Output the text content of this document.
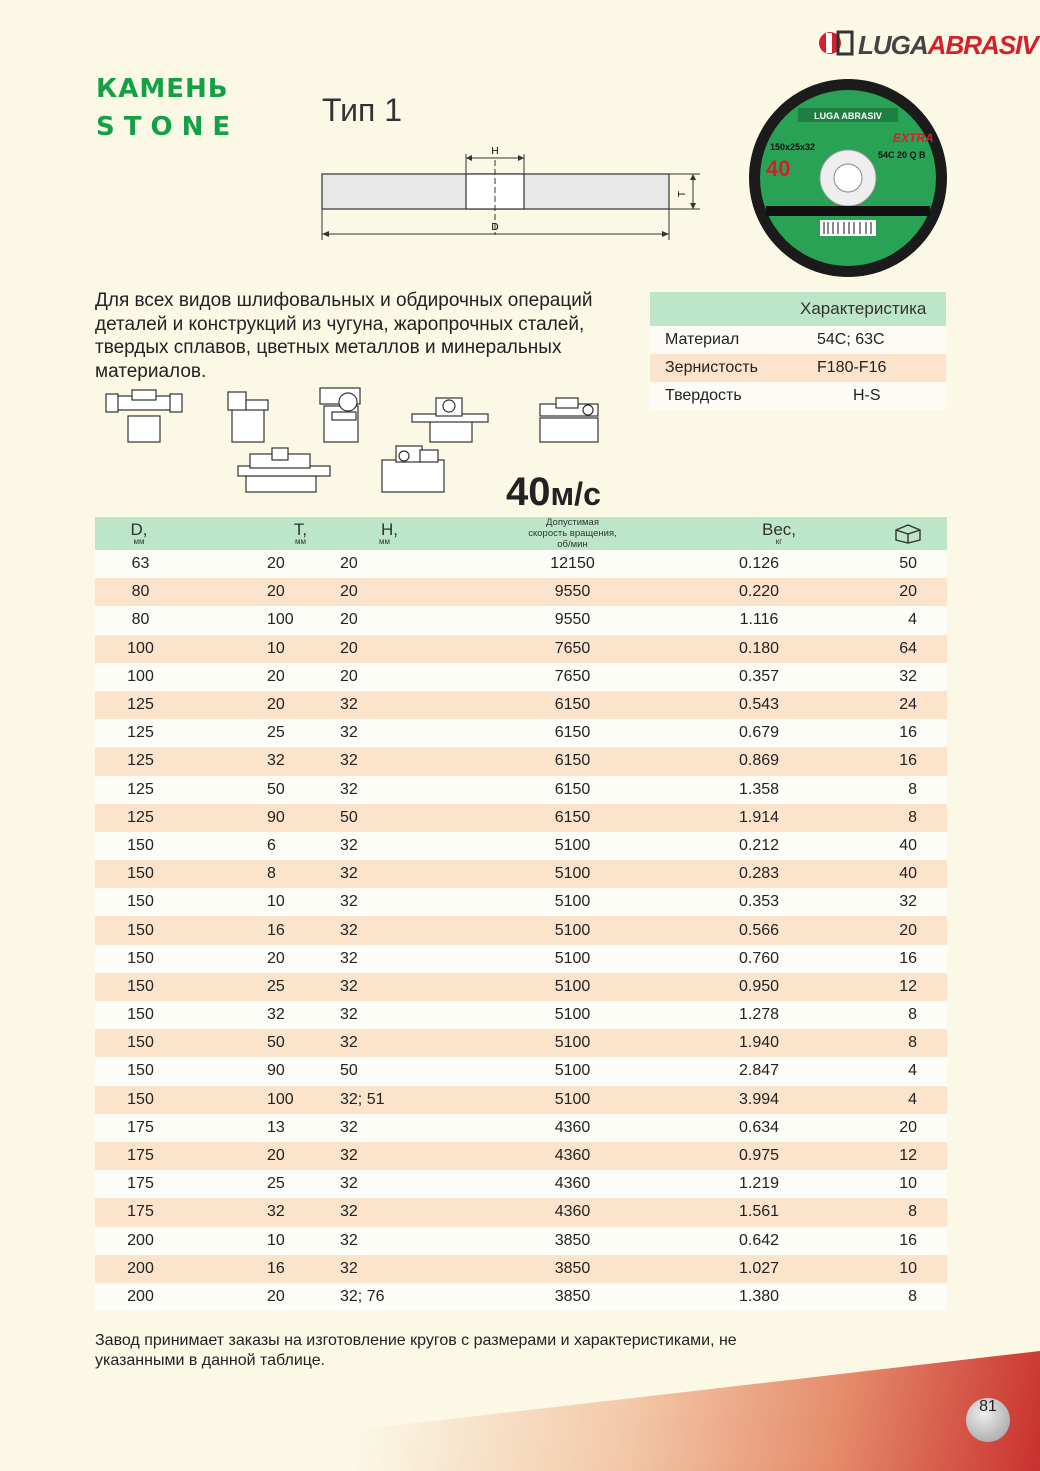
LUGAABRASIV
КАМЕНЬ
STONE	Тип 1
H
T
D
LUGA ABRASIV
150x25x32
40
54C 20 Q B
EXTRA
Для всех видов шлифовальных и обдирочных операций деталей и конструкций из чугуна, жаропрочных сталей, твердых сплавов, цветных металлов и минеральных материалов.
Характеристика
Материал	54C; 63C
Зернистость	F180-F16
Твердость	H-S
40м/с
D,
мм
T,
мм
H,
мм
Допустимая
скорость вращения,
об/мин
Вес,
кг
63	20	20	12150	0.126	50
80	20	20	9550	0.220	20
80	100	20	9550	1.116	4
100	10	20	7650	0.180	64
100	20	20	7650	0.357	32
125	20	32	6150	0.543	24
125	25	32	6150	0.679	16
125	32	32	6150	0.869	16
125	50	32	6150	1.358	8
125	90	50	6150	1.914	8
150	6	32	5100	0.212	40
150	8	32	5100	0.283	40
150	10	32	5100	0.353	32
150	16	32	5100	0.566	20
150	20	32	5100	0.760	16
150	25	32	5100	0.950	12
150	32	32	5100	1.278	8
150	50	32	5100	1.940	8
150	90	50	5100	2.847	4
150	100	32; 51	5100	3.994	4
175	13	32	4360	0.634	20
175	20	32	4360	0.975	12
175	25	32	4360	1.219	10
175	32	32	4360	1.561	8
200	10	32	3850	0.642	16
200	16	32	3850	1.027	10
200	20	32; 76	3850	1.380	8
Завод принимает заказы на изготовление кругов с размерами и характеристиками, не указанными в данной таблице.
81
